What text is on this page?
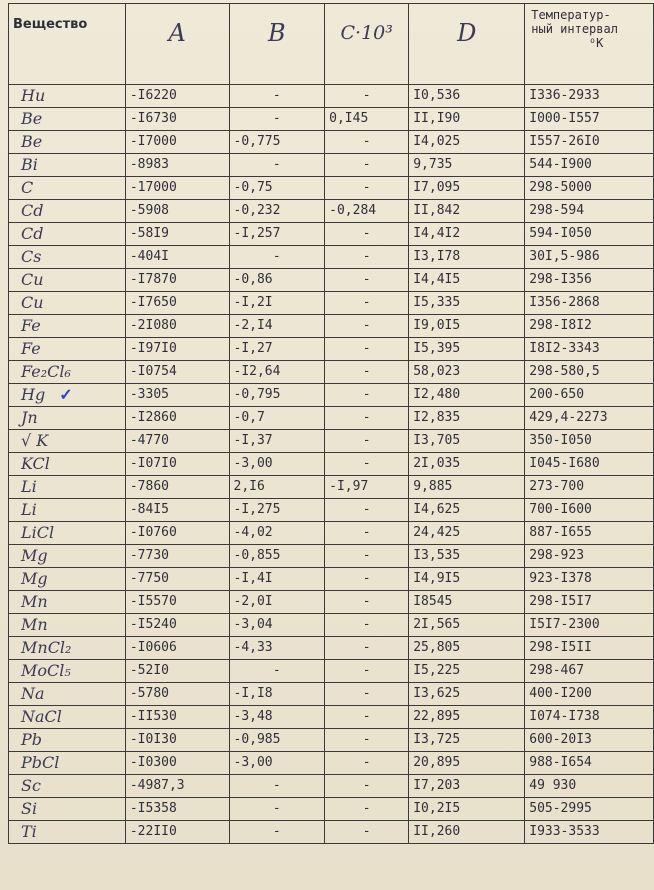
Вещество	A	B	C·10³	D	Температур-
ный интервал
ᴼK

Hu	-I6220	-	-	I0,536	I336-2933
Be	-I6730	-	0,I45	II,I90	I000-I557
Be	-I7000	-0,775	-	I4,025	I557-26I0
Bi	-8983	-	-	9,735	544-I900
C	-17000	-0,75	-	I7,095	298-5000
Cd	-5908	-0,232	-0,284	II,842	298-594
Cd	-58I9	-I,257	-	I4,4I2	594-I050
Cs	-404I	-	-	I3,I78	30I,5-986
Cu	-I7870	-0,86	-	I4,4I5	298-I356
Cu	-I7650	-I,2I	-	I5,335	I356-2868
Fe	-2I080	-2,I4	-	I9,0I5	298-I8I2
Fe	-I97I0	-I,27	-	I5,395	I8I2-3343
Fe₂Cl₆	-I0754	-I2,64	-	58,023	298-580,5
Hg ✓	-3305	-0,795	-	I2,480	200-650
Jn	-I2860	-0,7	-	I2,835	429,4-2273
√ K	-4770	-I,37	-	I3,705	350-I050
KCl	-I07I0	-3,00	-	2I,035	I045-I680
Li	-7860	2,I6	-I,97	9,885	273-700
Li	-84I5	-I,275	-	I4,625	700-I600
LiCl	-I0760	-4,02	-	24,425	887-I655
Mg	-7730	-0,855	-	I3,535	298-923
Mg	-7750	-I,4I	-	I4,9I5	923-I378
Mn	-I5570	-2,0I	-	I8545	298-I5I7
Mn	-I5240	-3,04	-	2I,565	I5I7-2300
MnCl₂	-I0606	-4,33	-	25,805	298-I5II
MoCl₅	-52I0	-	-	I5,225	298-467
Na	-5780	-I,I8	-	I3,625	400-I200
NaCl	-II530	-3,48	-	22,895	I074-I738
Pb	-I0I30	-0,985	-	I3,725	600-20I3
PbCl	-I0300	-3,00	-	20,895	988-I654
Sc	-4987,3	-	-	I7,203	49 930
Si	-I5358	-	-	I0,2I5	505-2995
Ti	-22II0	-	-	II,260	I933-3533
